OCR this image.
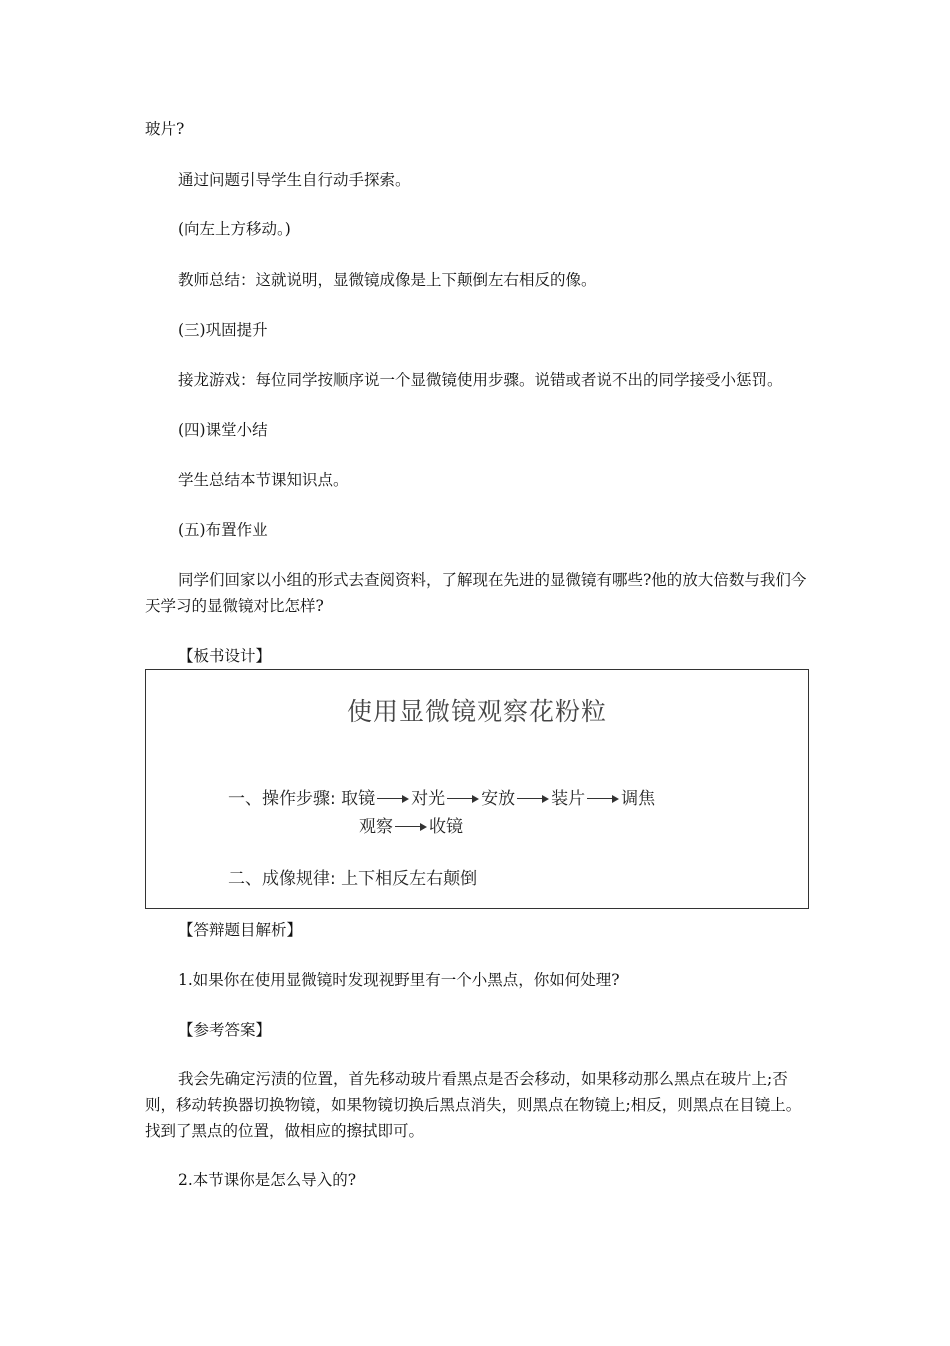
玻片?
通过问题引导学生自行动手探索。
(向左上方移动。)
教师总结：这就说明，显微镜成像是上下颠倒左右相反的像。
(三)巩固提升
接龙游戏：每位同学按顺序说一个显微镜使用步骤。说错或者说不出的同学接受小惩罚。
(四)课堂小结
学生总结本节课知识点。
(五)布置作业
同学们回家以小组的形式去查阅资料，了解现在先进的显微镜有哪些?他的放大倍数与我们今天学习的显微镜对比怎样?
【板书设计】
使用显微镜观察花粉粒
一、操作步骤: 取镜 对光 安放 装片 调焦
观察 收镜
二、成像规律: 上下相反左右颠倒
【答辩题目解析】
1.如果你在使用显微镜时发现视野里有一个小黑点，你如何处理?
【参考答案】
我会先确定污渍的位置，首先移动玻片看黑点是否会移动，如果移动那么黑点在玻片上;否则，移动转换器切换物镜，如果物镜切换后黑点消失，则黑点在物镜上;相反，则黑点在目镜上。找到了黑点的位置，做相应的擦拭即可。
2.本节课你是怎么导入的?
